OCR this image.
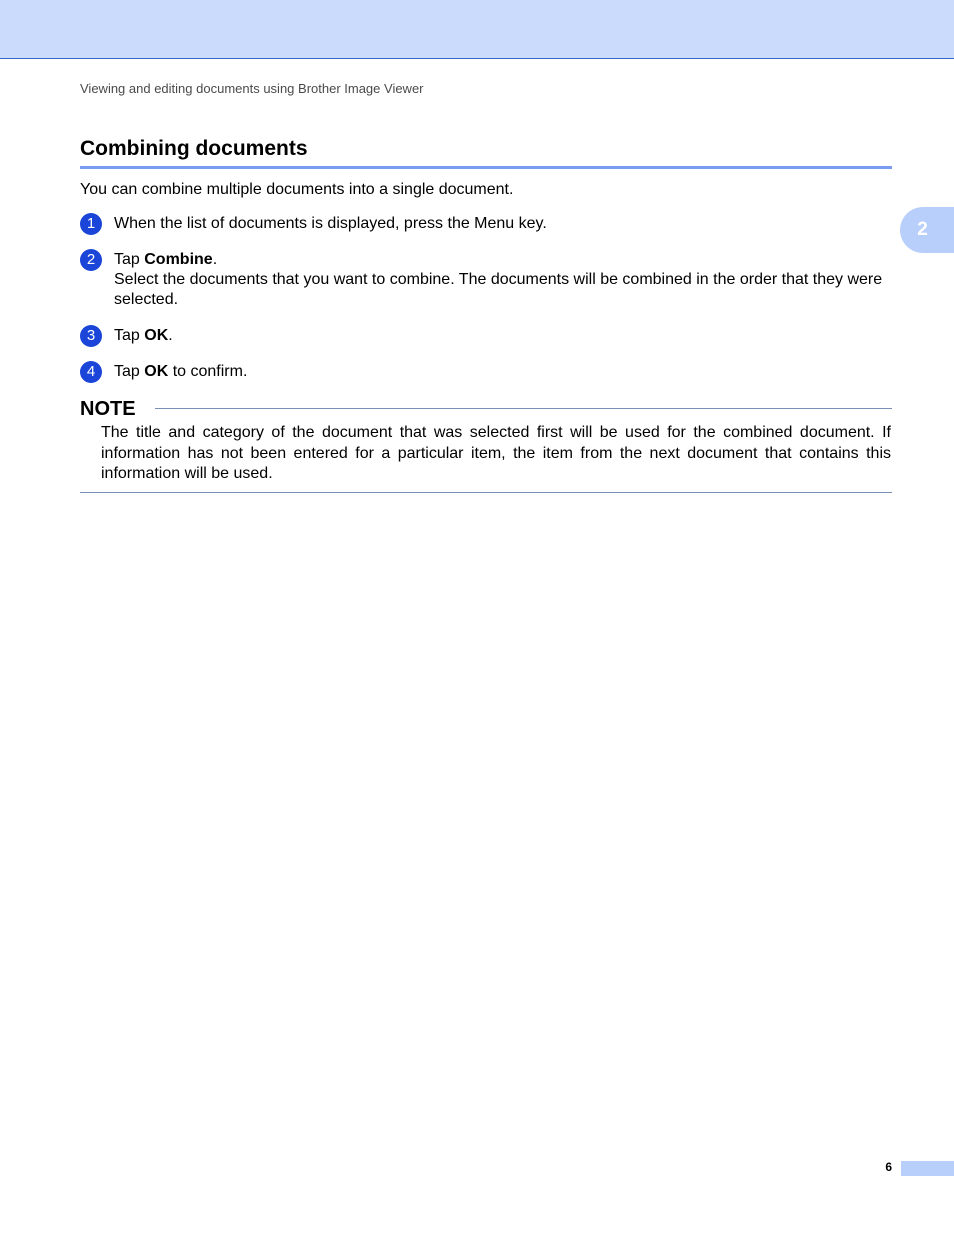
Viewing and editing documents using Brother Image Viewer
Combining documents
You can combine multiple documents into a single document.
2
1	When the list of documents is displayed, press the Menu key.
2	Tap Combine.
Select the documents that you want to combine. The documents will be combined in the order that they were selected.
3	Tap OK.
4	Tap OK to confirm.
NOTE
The title and category of the document that was selected first will be used for the combined document. If information has not been entered for a particular item, the item from the next document that contains this information will be used.
6
